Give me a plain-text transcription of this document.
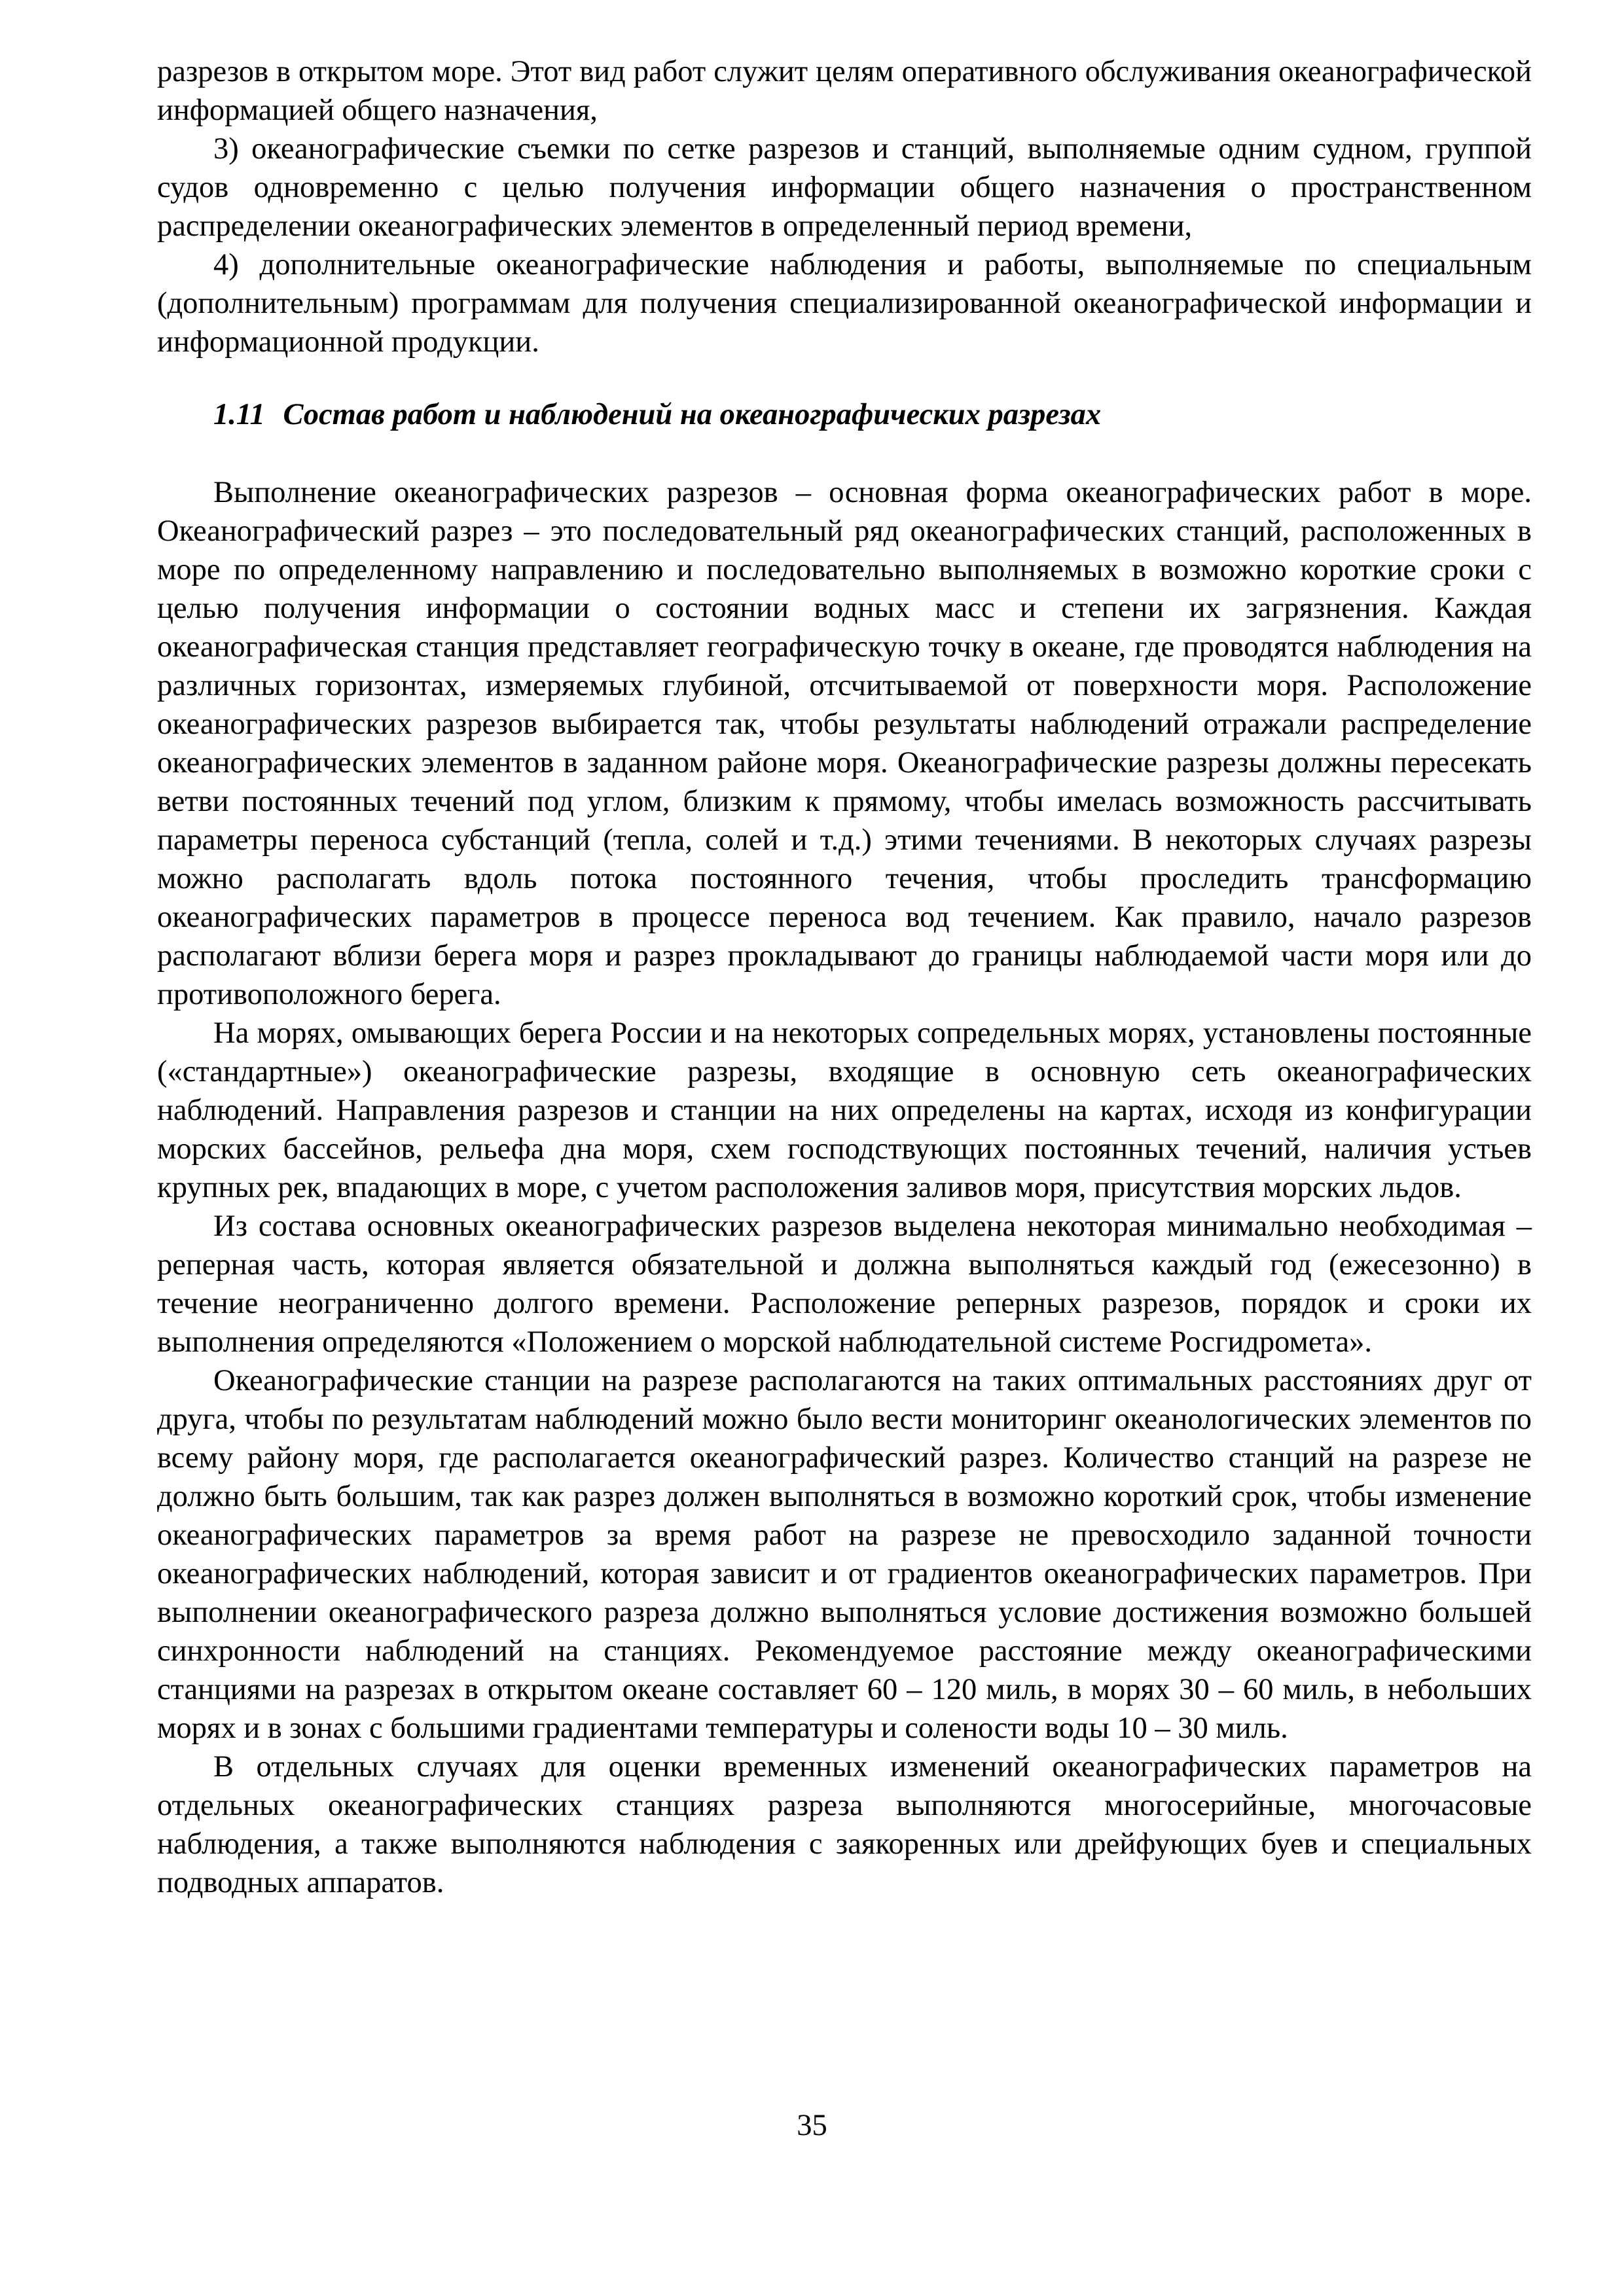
разрезов в открытом море. Этот вид работ служит целям оперативного обслуживания океанографической информацией общего назначения,

3) океанографические съемки по сетке разрезов и станций, выполняемые одним судном, группой судов одновременно с целью получения информации общего назначения о пространственном распределении океанографических элементов в определенный период времени,

4) дополнительные океанографические наблюдения и работы, выполняемые по специальным (дополнительным) программам для получения специализированной океанографической информации и информационной продукции.

1.11 Состав работ и наблюдений на океанографических разрезах

Выполнение океанографических разрезов – основная форма океанографических работ в море. Океанографический разрез – это последовательный ряд океанографических станций, расположенных в море по определенному направлению и последовательно выполняемых в возможно короткие сроки с целью получения информации о состоянии водных масс и степени их загрязнения. Каждая океанографическая станция представляет географическую точку в океане, где проводятся наблюдения на различных горизонтах, измеряемых глубиной, отсчитываемой от поверхности моря. Расположение океанографических разрезов выбирается так, чтобы результаты наблюдений отражали распределение океанографических элементов в заданном районе моря. Океанографические разрезы должны пересекать ветви постоянных течений под углом, близким к прямому, чтобы имелась возможность рассчитывать параметры переноса субстанций (тепла, солей и т.д.) этими течениями. В некоторых случаях разрезы можно располагать вдоль потока постоянного течения, чтобы проследить трансформацию океанографических параметров в процессе переноса вод течением. Как правило, начало разрезов располагают вблизи берега моря и разрез прокладывают до границы наблюдаемой части моря или до противоположного берега.

На морях, омывающих берега России и на некоторых сопредельных морях, установлены постоянные («стандартные») океанографические разрезы, входящие в основную сеть океанографических наблюдений. Направления разрезов и станции на них определены на картах, исходя из конфигурации морских бассейнов, рельефа дна моря, схем господствующих постоянных течений, наличия устьев крупных рек, впадающих в море, с учетом расположения заливов моря, присутствия морских льдов.

Из состава основных океанографических разрезов выделена некоторая минимально необходимая – реперная часть, которая является обязательной и должна выполняться каждый год (ежесезонно) в течение неограниченно долгого времени. Расположение реперных разрезов, порядок и сроки их выполнения определяются «Положением о морской наблюдательной системе Росгидромета».

Океанографические станции на разрезе располагаются на таких оптимальных расстояниях друг от друга, чтобы по результатам наблюдений можно было вести мониторинг океанологических элементов по всему району моря, где располагается океанографический разрез. Количество станций на разрезе не должно быть большим, так как разрез должен выполняться в возможно короткий срок, чтобы изменение океанографических параметров за время работ на разрезе не превосходило заданной точности океанографических наблюдений, которая зависит и от градиентов океанографических параметров. При выполнении океанографического разреза должно выполняться условие достижения возможно большей синхронности наблюдений на станциях. Рекомендуемое расстояние между океанографическими станциями на разрезах в открытом океане составляет 60 – 120 миль, в морях 30 – 60 миль, в небольших морях и в зонах с большими градиентами температуры и солености воды 10 – 30 миль.

В отдельных случаях для оценки временных изменений океанографических параметров на отдельных океанографических станциях разреза выполняются многосерийные, многочасовые наблюдения, а также выполняются наблюдения с заякоренных или дрейфующих буев и специальных подводных аппаратов.

35
